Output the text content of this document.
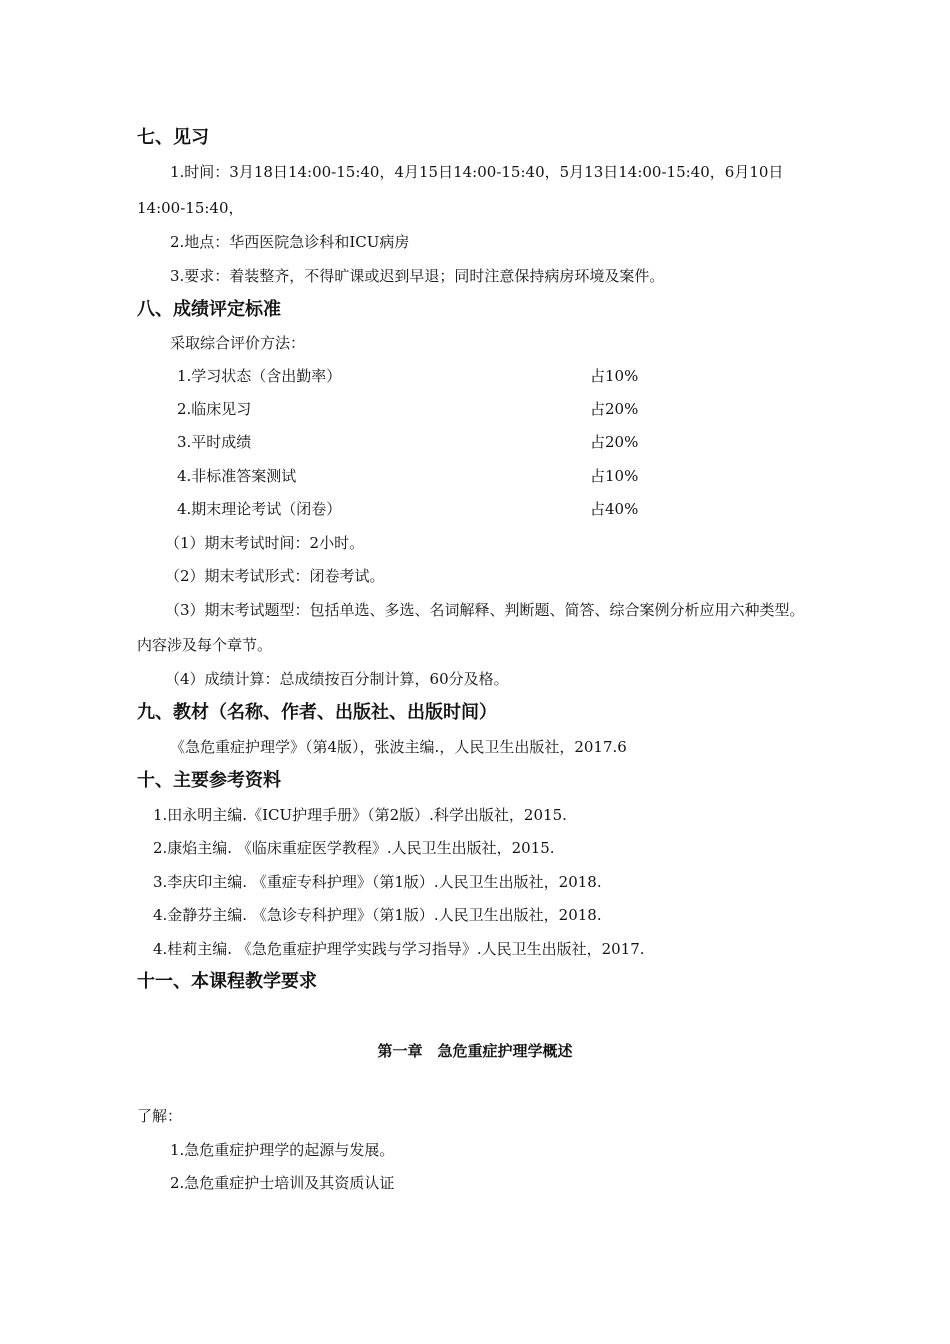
七、见习
1.时间：3月18日14:00-15:40，4月15日14:00-15:40，5月13日14:00-15:40，6月10日
14:00-15:40，
2.地点：华西医院急诊科和ICU病房
3.要求：着装整齐，不得旷课或迟到早退；同时注意保持病房环境及案件。
八、成绩评定标准
采取综合评价方法：
1.学习状态（含出勤率）	占10%
2.临床见习	占20%
3.平时成绩	占20%
4.非标准答案测试	占10%
4.期末理论考试（闭卷）	占40%
（1）期末考试时间：2小时。
（2）期末考试形式：闭卷考试。
（3）期末考试题型：包括单选、多选、名词解释、判断题、简答、综合案例分析应用六种类型。
内容涉及每个章节。
（4）成绩计算：总成绩按百分制计算，60分及格。
九、教材（名称、作者、出版社、出版时间）
《急危重症护理学》（第4版），张波主编.，人民卫生出版社，2017.6
十、主要参考资料
1.田永明主编.《ICU护理手册》（第2版）.科学出版社，2015.
2.康焰主编. 《临床重症医学教程》.人民卫生出版社，2015.
3.李庆印主编. 《重症专科护理》（第1版）.人民卫生出版社，2018.
4.金静芬主编. 《急诊专科护理》（第1版）.人民卫生出版社，2018.
4.桂莉主编. 《急危重症护理学实践与学习指导》.人民卫生出版社，2017.
十一、本课程教学要求
第一章　急危重症护理学概述
了解：
1.急危重症护理学的起源与发展。
2.急危重症护士培训及其资质认证
